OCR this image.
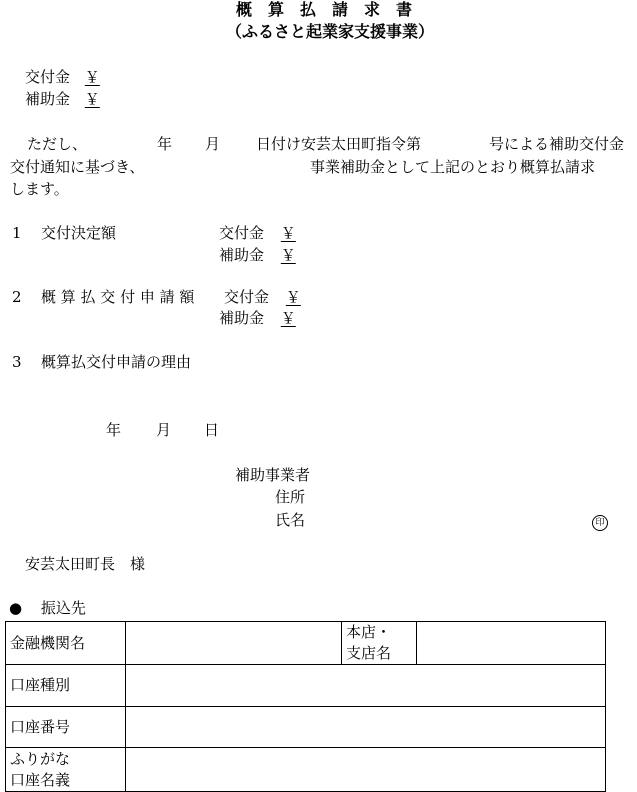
概　算　払　請　求　書
（ふるさと起業家支援事業）
交付金 ￥
補助金 ￥
ただし、	年 月 日付け安芸太田町指令第	号による補助交付金
交付通知に基づき、	事業補助金として上記のとおり概算払請求
します。
1 交付決定額	交付金 ￥
補助金 ￥
2 概 算 払 交 付 申 請 額 交付金 ￥
補助金 ￥
3 概算払交付申請の理由
年 月 日
補助事業者
住所
氏名	印
安芸太田町長　様
● 振込先
金融機関名		本店・
支店名	

口座種別			
口座番号			

ふりがな
口座名義			
